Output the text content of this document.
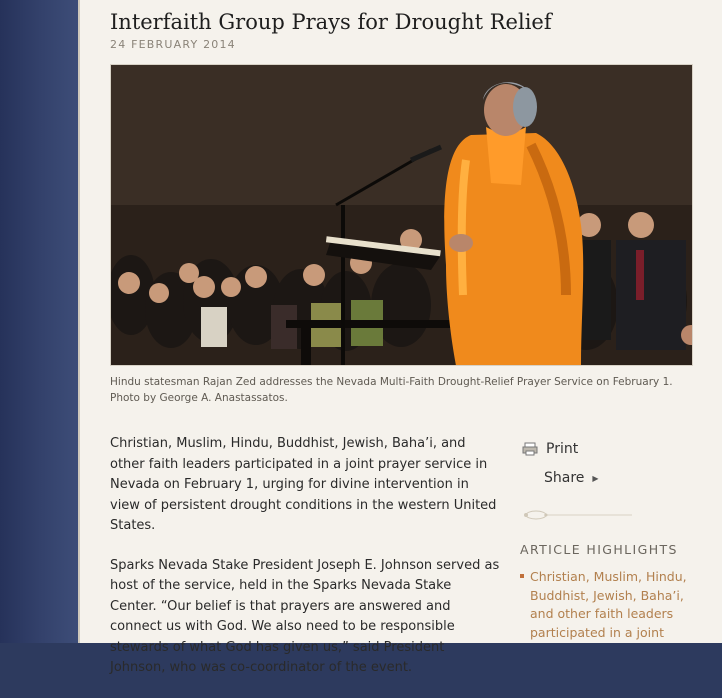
Interfaith Group Prays for Drought Relief
24 FEBRUARY 2014
Hindu statesman Rajan Zed addresses the Nevada Multi-Faith Drought-Relief Prayer Service on February 1. Photo by George A. Anastassatos.

Christian, Muslim, Hindu, Buddhist, Jewish, Baha’i, and other faith leaders participated in a joint prayer service in Nevada on February 1, urging for divine intervention in view of persistent drought conditions in the western United States.

Sparks Nevada Stake President Joseph E. Johnson served as host of the service, held in the Sparks Nevada Stake Center. “Our belief is that prayers are answered and connect us with God. We also need to be responsible stewards of what God has given us,” said President Johnson, who was co-coordinator of the event.

Print
Share ▶
ARTICLE HIGHLIGHTS
Christian, Muslim, Hindu, Buddhist, Jewish, Baha’i, and other faith leaders participated in a joint
